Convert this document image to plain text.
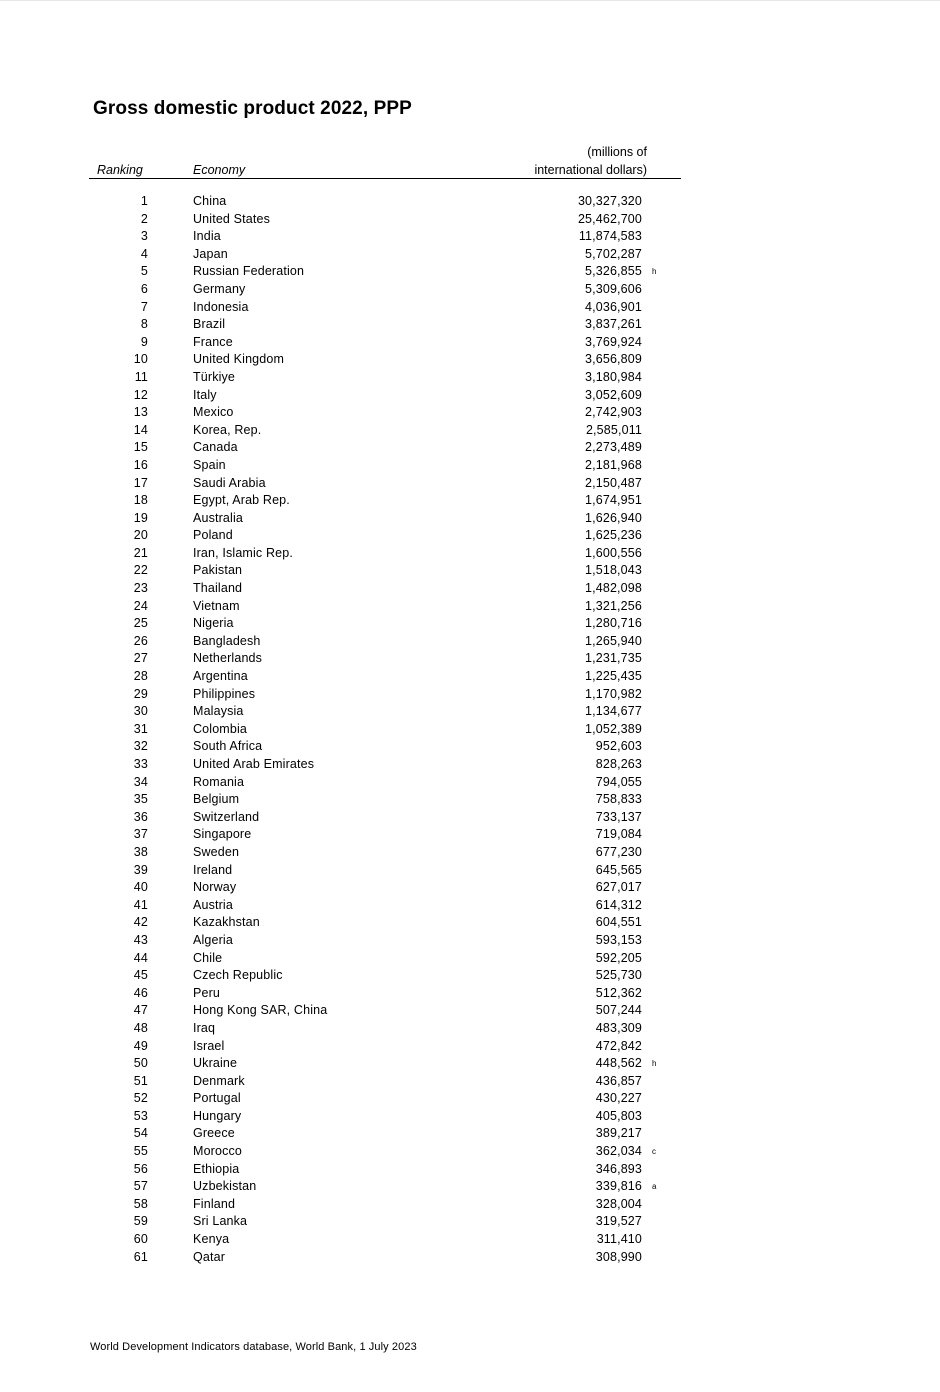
Gross domestic product 2022, PPP
(millions of
international dollars)
Ranking	Economy
1	China	30,327,320
2	United States	25,462,700
3	India	11,874,583
4	Japan	5,702,287
5	Russian Federation	5,326,855 h
6	Germany	5,309,606
7	Indonesia	4,036,901
8	Brazil	3,837,261
9	France	3,769,924
10	United Kingdom	3,656,809
11	Türkiye	3,180,984
12	Italy	3,052,609
13	Mexico	2,742,903
14	Korea, Rep.	2,585,011
15	Canada	2,273,489
16	Spain	2,181,968
17	Saudi Arabia	2,150,487
18	Egypt, Arab Rep.	1,674,951
19	Australia	1,626,940
20	Poland	1,625,236
21	Iran, Islamic Rep.	1,600,556
22	Pakistan	1,518,043
23	Thailand	1,482,098
24	Vietnam	1,321,256
25	Nigeria	1,280,716
26	Bangladesh	1,265,940
27	Netherlands	1,231,735
28	Argentina	1,225,435
29	Philippines	1,170,982
30	Malaysia	1,134,677
31	Colombia	1,052,389
32	South Africa	952,603
33	United Arab Emirates	828,263
34	Romania	794,055
35	Belgium	758,833
36	Switzerland	733,137
37	Singapore	719,084
38	Sweden	677,230
39	Ireland	645,565
40	Norway	627,017
41	Austria	614,312
42	Kazakhstan	604,551
43	Algeria	593,153
44	Chile	592,205
45	Czech Republic	525,730
46	Peru	512,362
47	Hong Kong SAR, China	507,244
48	Iraq	483,309
49	Israel	472,842
50	Ukraine	448,562 h
51	Denmark	436,857
52	Portugal	430,227
53	Hungary	405,803
54	Greece	389,217
55	Morocco	362,034 c
56	Ethiopia	346,893
57	Uzbekistan	339,816 a
58	Finland	328,004
59	Sri Lanka	319,527
60	Kenya	311,410
61	Qatar	308,990
World Development Indicators database, World Bank, 1 July 2023
